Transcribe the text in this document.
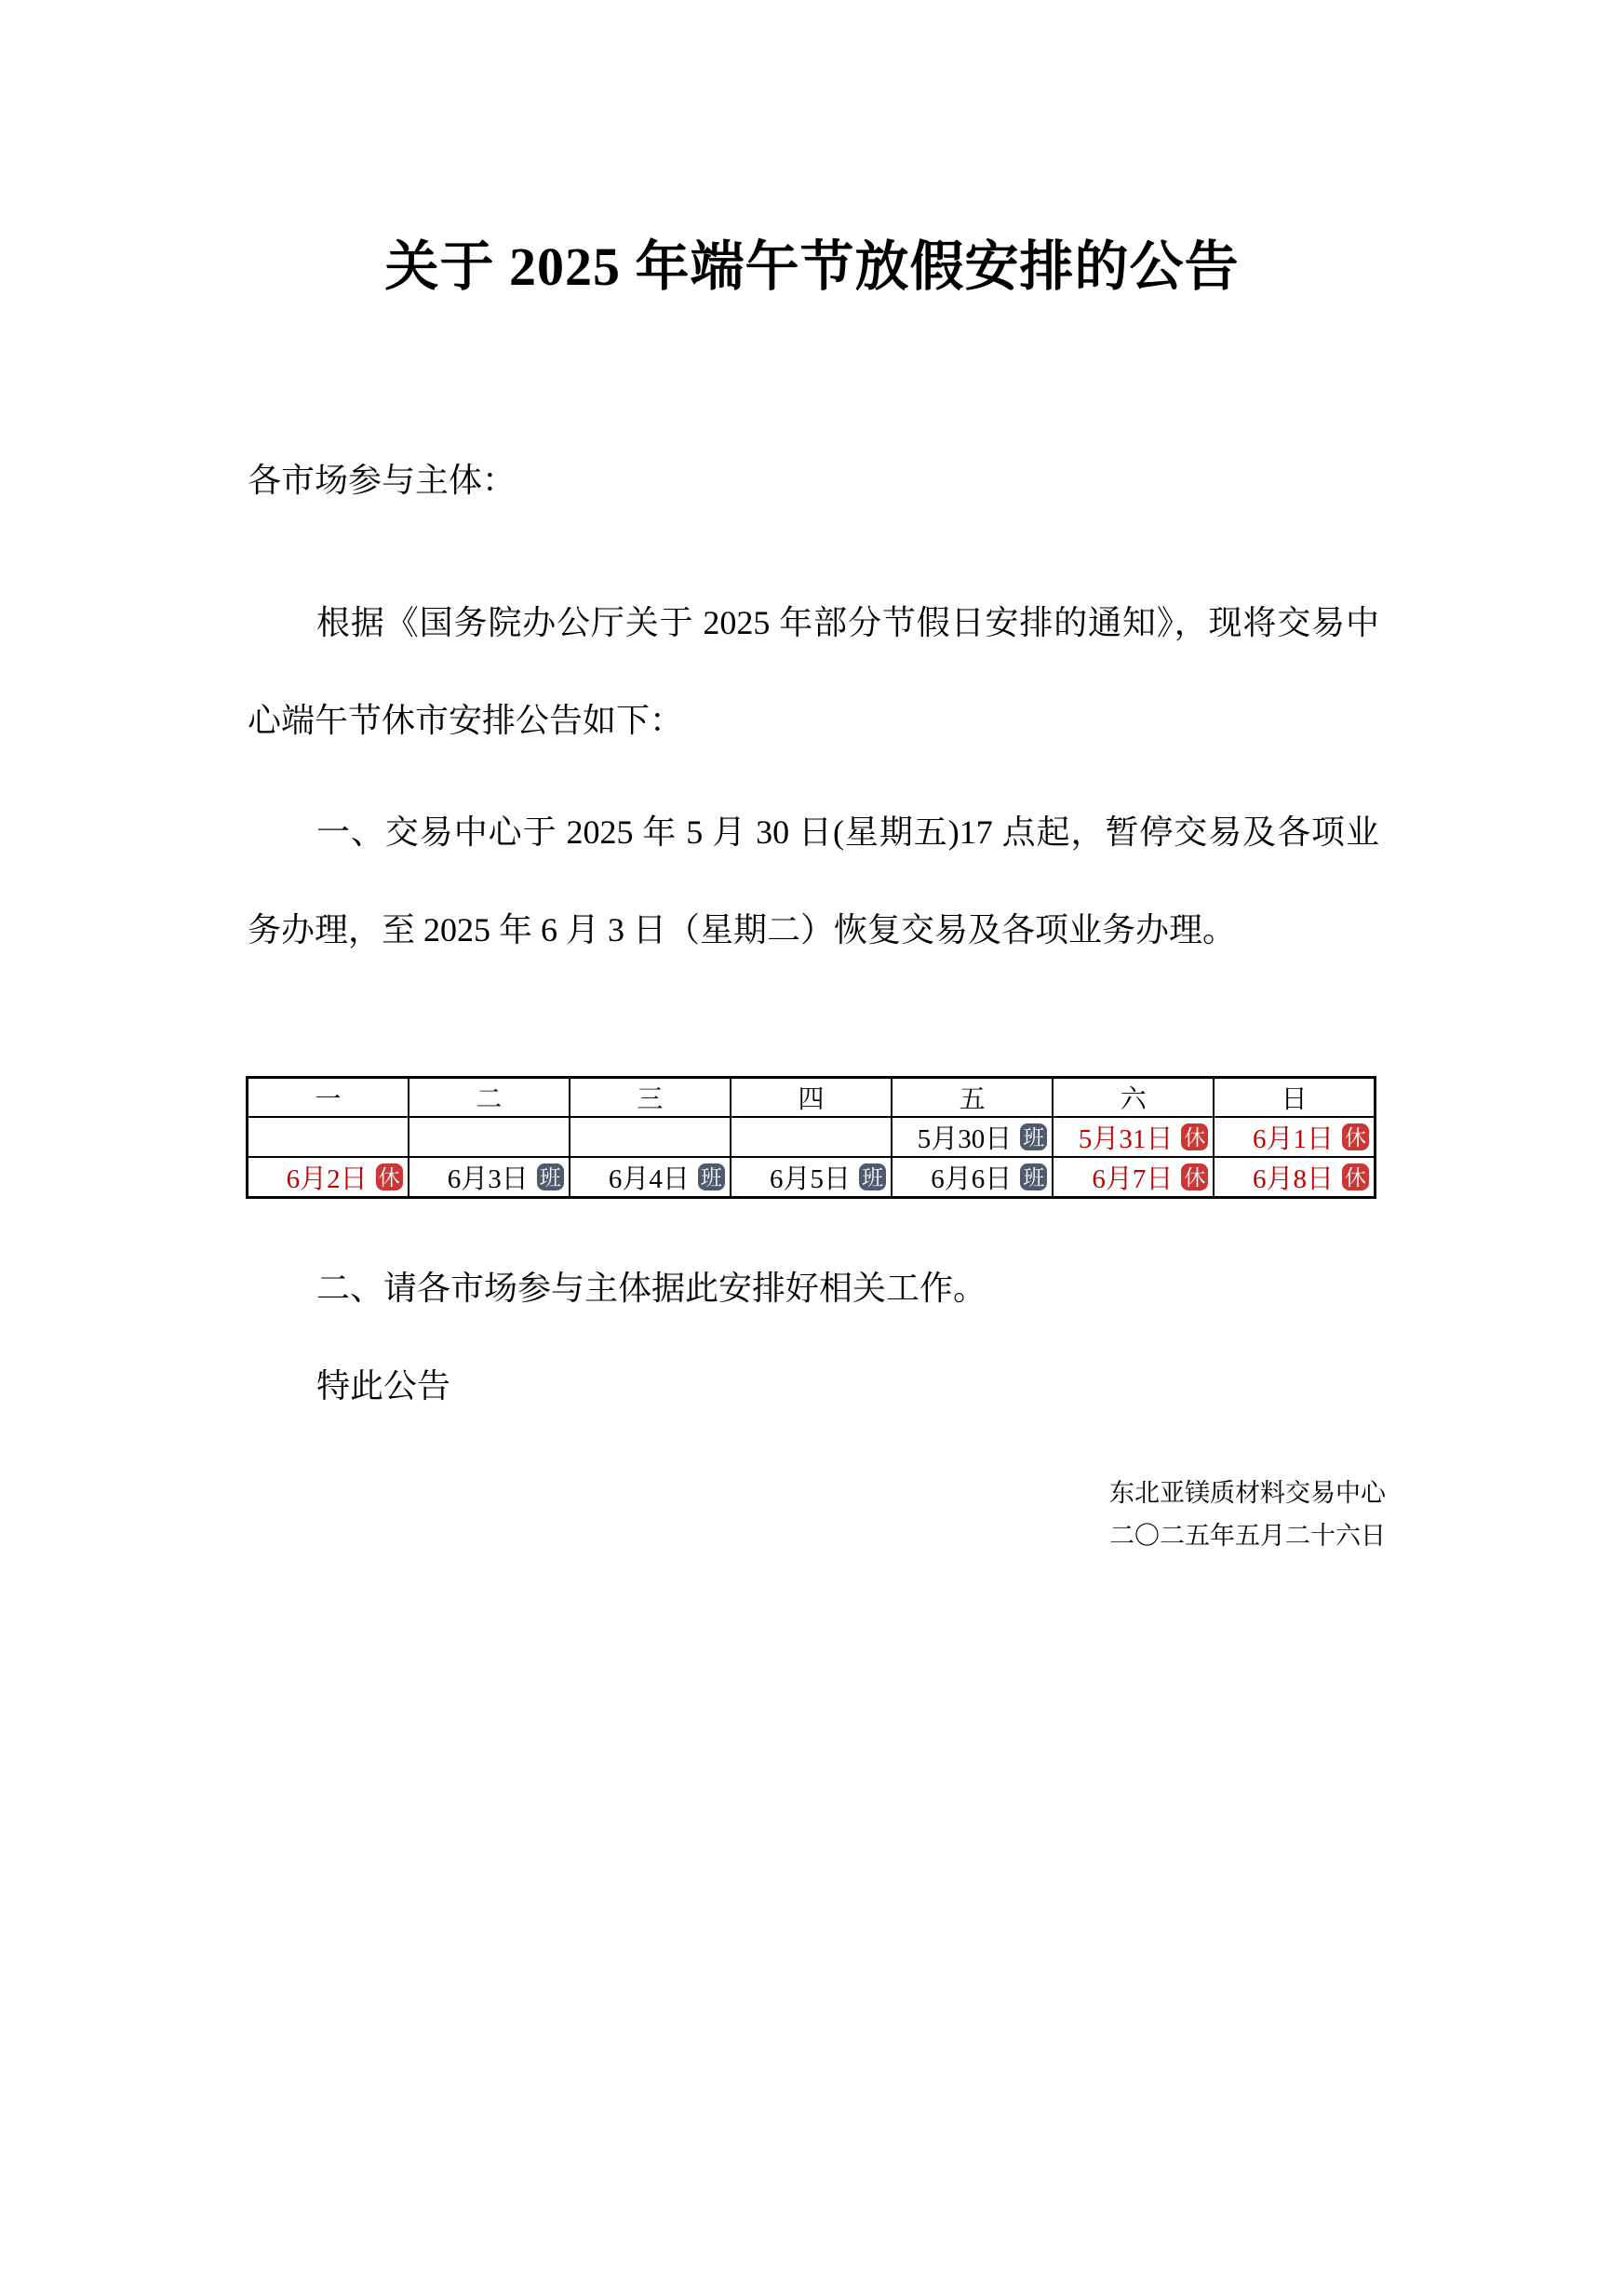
关于 2025 年端午节放假安排的公告
各市场参与主体：
根据《国务院办公厅关于 2025 年部分节假日安排的通知》，现将交易中心端午节休市安排公告如下：
一、交易中心于 2025 年 5 月 30 日(星期五)17 点起，暂停交易及各项业务办理，至 2025 年 6 月 3 日（星期二）恢复交易及各项业务办理。
一	二	三	四	五	六	日
				5月30日 班	5月31日 休	6月1日 休
6月2日 休	6月3日 班	6月4日 班	6月5日 班	6月6日 班	6月7日 休	6月8日 休
二、请各市场参与主体据此安排好相关工作。
特此公告
东北亚镁质材料交易中心
二〇二五年五月二十六日
